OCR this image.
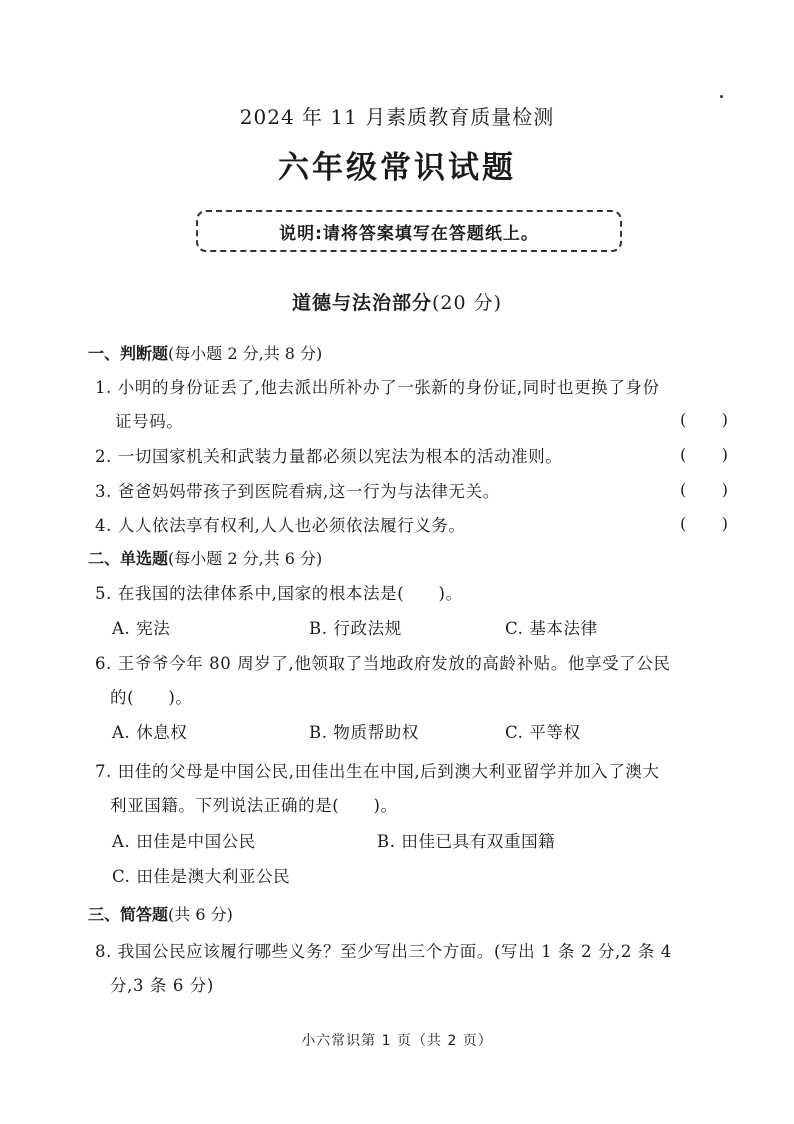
2024 年 11 月素质教育质量检测
六年级常识试题
说明:请将答案填写在答题纸上。
道德与法治部分(20 分)
一、判断题(每小题 2 分,共 8 分)
1. 小明的身份证丢了,他去派出所补办了一张新的身份证,同时也更换了身份
证号码。	( )
2. 一切国家机关和武装力量都必须以宪法为根本的活动准则。	( )
3. 爸爸妈妈带孩子到医院看病,这一行为与法律无关。	( )
4. 人人依法享有权利,人人也必须依法履行义务。	( )
二、单选题(每小题 2 分,共 6 分)
5. 在我国的法律体系中,国家的根本法是(　　)。
A. 宪法	B. 行政法规	C. 基本法律
6. 王爷爷今年 80 周岁了,他领取了当地政府发放的高龄补贴。他享受了公民
的(　　)。
A. 休息权	B. 物质帮助权	C. 平等权
7. 田佳的父母是中国公民,田佳出生在中国,后到澳大利亚留学并加入了澳大
利亚国籍。下列说法正确的是(　　)。
A. 田佳是中国公民	B. 田佳已具有双重国籍
C. 田佳是澳大利亚公民
三、简答题(共 6 分)
8. 我国公民应该履行哪些义务？至少写出三个方面。(写出 1 条 2 分,2 条 4
分,3 条 6 分)
小六常识第 1 页（共 2 页）
